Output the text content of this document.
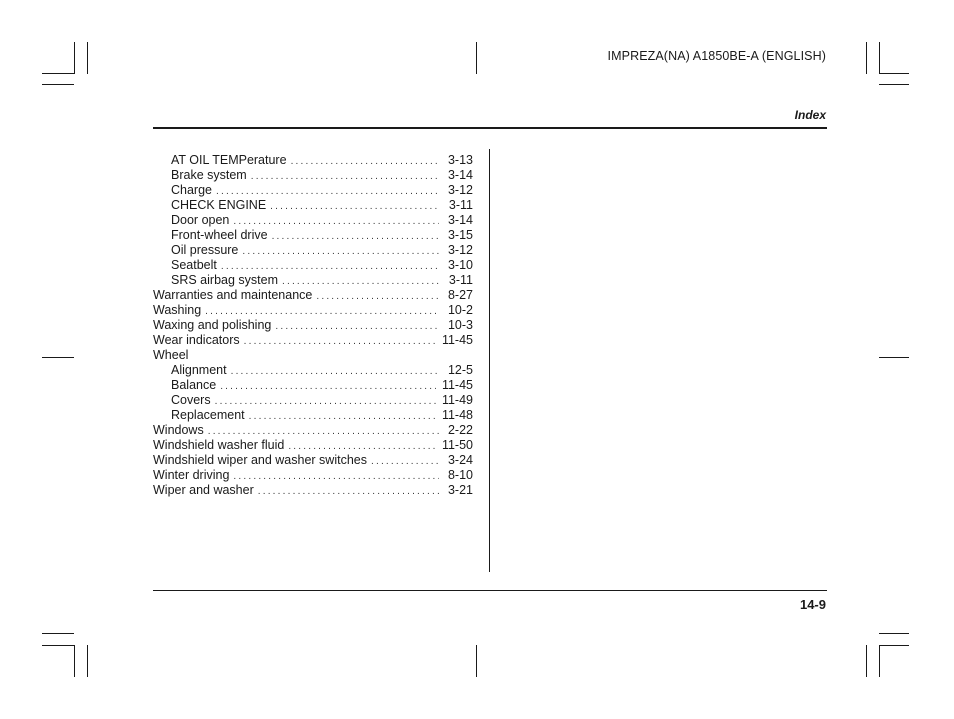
IMPREZA(NA) A1850BE-A (ENGLISH)
Index
AT OIL TEMPerature .....	3-13
Brake system .....	3-14
Charge .....	3-12
CHECK ENGINE .....	3-11
Door open .....	3-14
Front-wheel drive .....	3-15
Oil pressure .....	3-12
Seatbelt .....	3-10
SRS airbag system .....	3-11
Warranties and maintenance .....	8-27
Washing .....	10-2
Waxing and polishing .....	10-3
Wear indicators .....	11-45
Wheel
Alignment .....	12-5
Balance .....	11-45
Covers .....	11-49
Replacement .....	11-48
Windows .....	2-22
Windshield washer fluid .....	11-50
Windshield wiper and washer switches .....	3-24
Winter driving .....	8-10
Wiper and washer .....	3-21
14-9
